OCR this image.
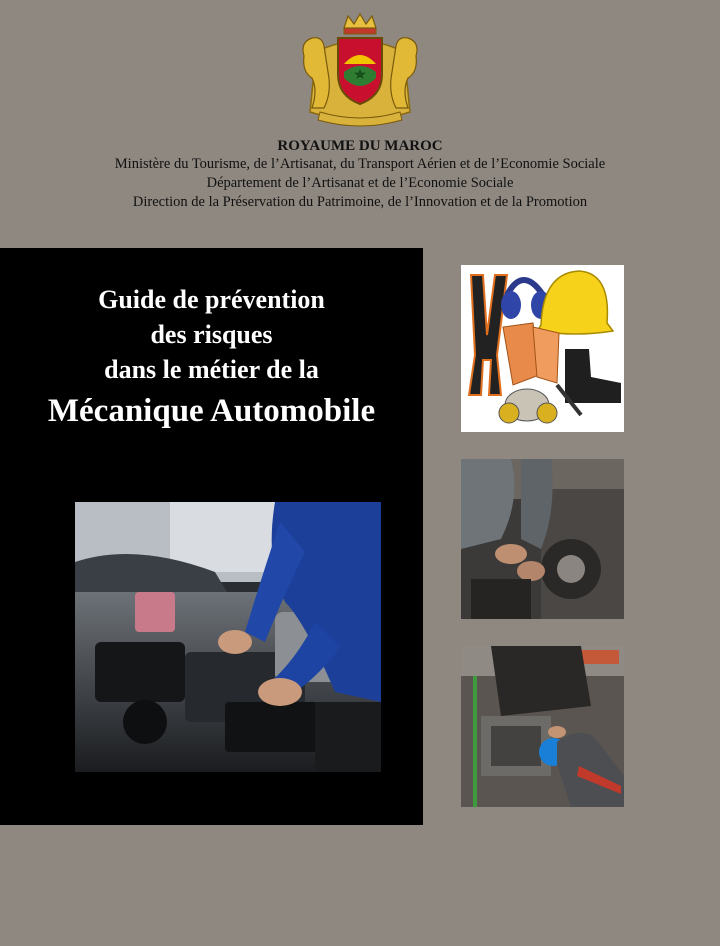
ROYAUME DU MAROC
Ministère du Tourisme, de l’Artisanat, du Transport Aérien et de l’Economie Sociale
Département de l’Artisanat et de l’Economie Sociale
Direction de la Préservation du Patrimoine, de l’Innovation et de la Promotion
Guide de prévention
des risques
dans le métier de la
Mécanique Automobile
